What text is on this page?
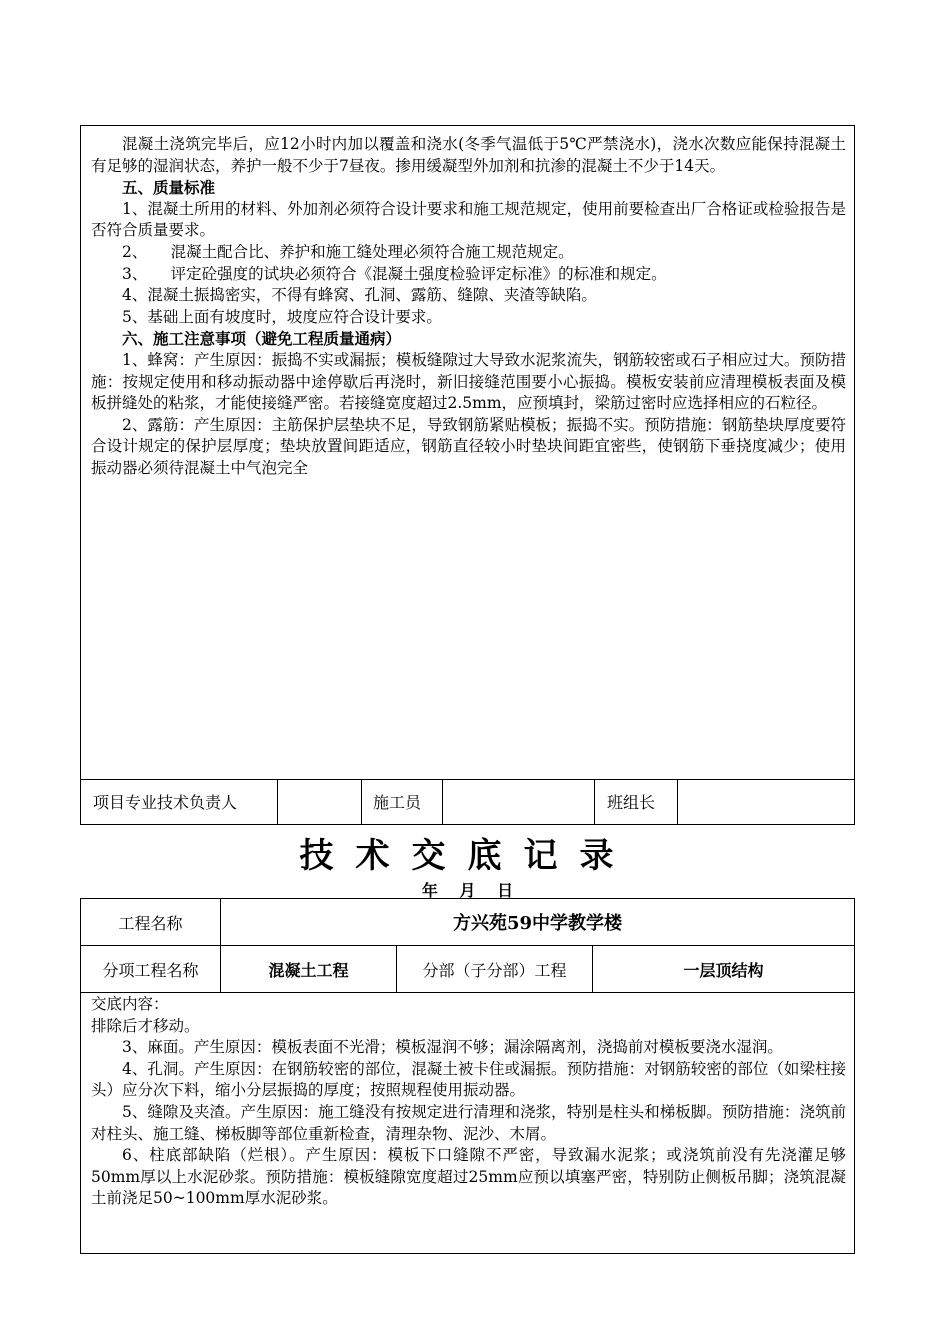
混凝土浇筑完毕后，应12小时内加以覆盖和浇水(冬季气温低于5℃严禁浇水)，浇水次数应能保持混凝土有足够的湿润状态，养护一般不少于7昼夜。掺用缓凝型外加剂和抗渗的混凝土不少于14天。

五、质量标准

1、混凝土所用的材料、外加剂必须符合设计要求和施工规范规定，使用前要检查出厂合格证或检验报告是否符合质量要求。

2、　　混凝土配合比、养护和施工缝处理必须符合施工规范规定。

3、　　评定砼强度的试块必须符合《混凝土强度检验评定标准》的标准和规定。

4、混凝土振捣密实，不得有蜂窝、孔洞、露筋、缝隙、夹渣等缺陷。

5、基础上面有坡度时，坡度应符合设计要求。

六、施工注意事项（避免工程质量通病）

1、蜂窝：产生原因：振捣不实或漏振；模板缝隙过大导致水泥浆流失，钢筋较密或石子相应过大。预防措施：按规定使用和移动振动器中途停歇后再浇时，新旧接缝范围要小心振捣。模板安装前应清理模板表面及模板拼缝处的粘浆，才能使接缝严密。若接缝宽度超过2.5mm，应预填封，梁筋过密时应选择相应的石粒径。

2、露筋：产生原因：主筋保护层垫块不足，导致钢筋紧贴模板；振捣不实。预防措施：钢筋垫块厚度要符合设计规定的保护层厚度；垫块放置间距适应，钢筋直径较小时垫块间距宜密些，使钢筋下垂挠度减少；使用振动器必须待混凝土中气泡完全

项目专业技术负责人	施工员	班组长
技术交底记录
年 月 日
工程名称	方兴苑59中学教学楼
分项工程名称	混凝土工程	分部（子分部）工程	一层顶结构

交底内容：

排除后才移动。

3、麻面。产生原因：模板表面不光滑；模板湿润不够；漏涂隔离剂，浇捣前对模板要浇水湿润。

4、孔洞。产生原因：在钢筋较密的部位，混凝土被卡住或漏振。预防措施：对钢筋较密的部位（如梁柱接头）应分次下料，缩小分层振捣的厚度；按照规程使用振动器。

5、缝隙及夹渣。产生原因：施工缝没有按规定进行清理和浇浆，特别是柱头和梯板脚。预防措施：浇筑前对柱头、施工缝、梯板脚等部位重新检查，清理杂物、泥沙、木屑。

6、柱底部缺陷（烂根）。产生原因：模板下口缝隙不严密，导致漏水泥浆；或浇筑前没有先浇灌足够50mm厚以上水泥砂浆。预防措施：模板缝隙宽度超过25mm应预以填塞严密，特别防止侧板吊脚；浇筑混凝土前浇足50~100mm厚水泥砂浆。
